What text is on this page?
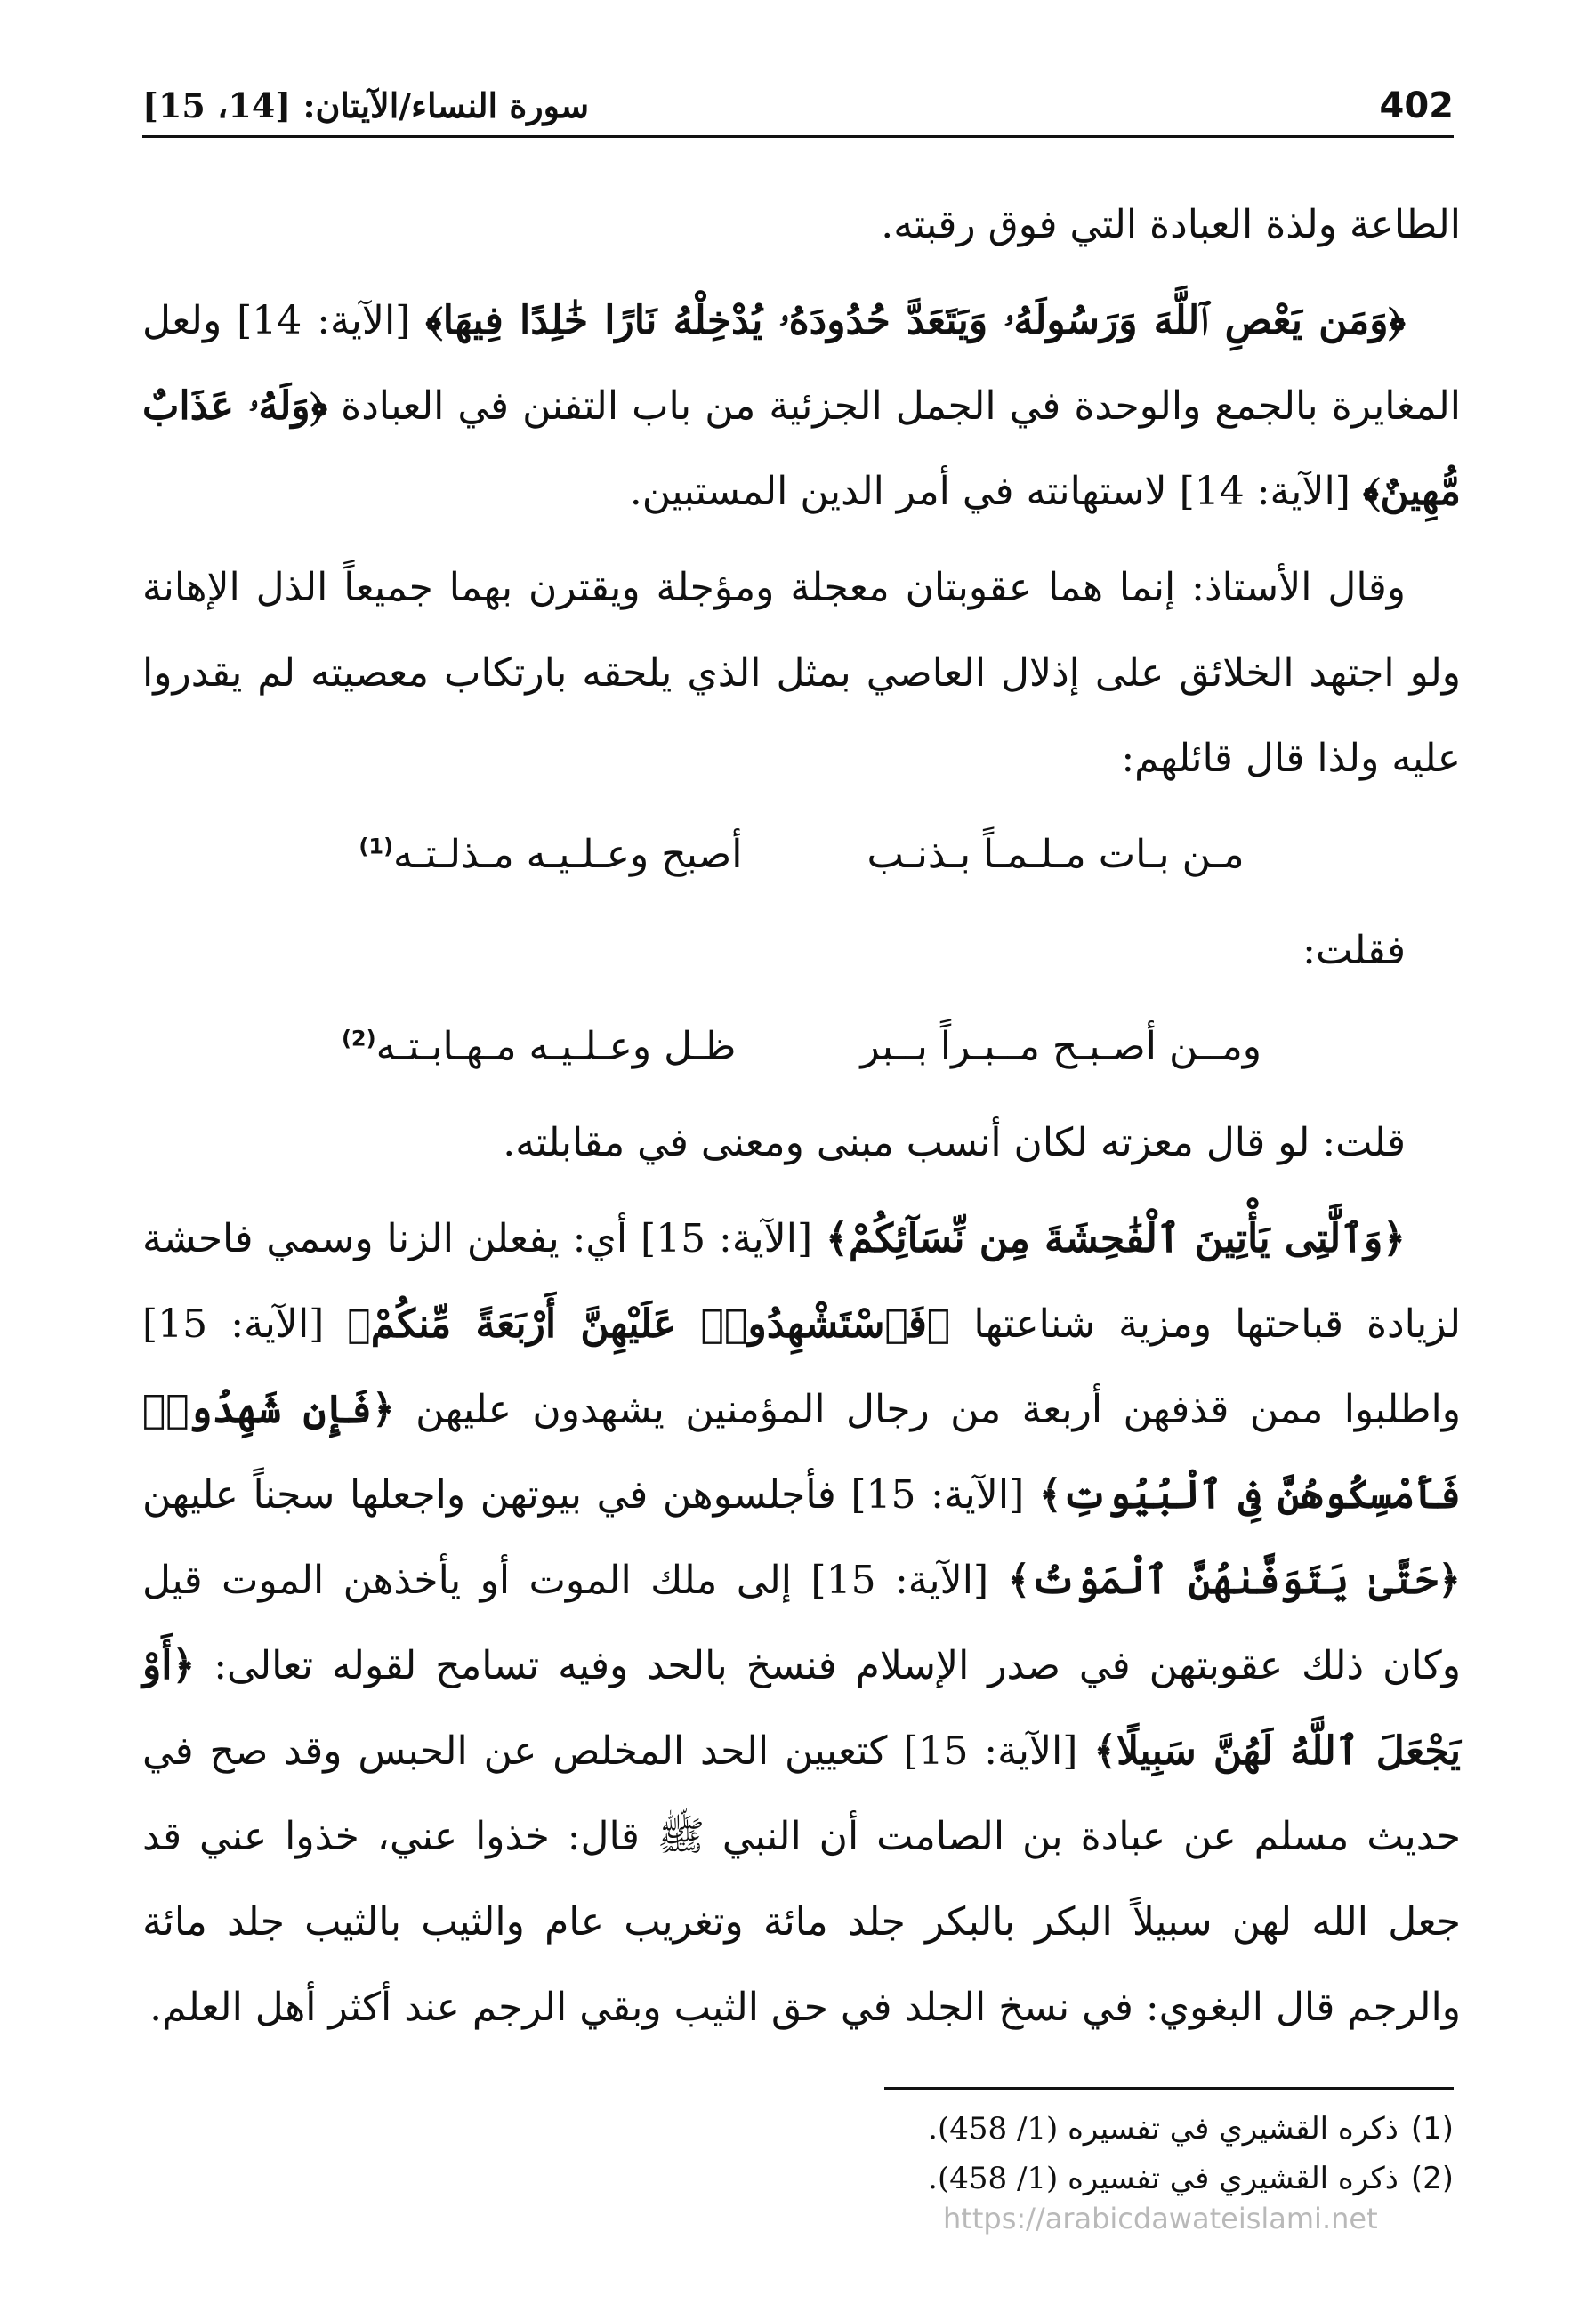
402
سورة النساء/الآيتان: [14، 15]

الطاعة ولذة العبادة التي فوق رقبته.

﴿وَمَن يَعْصِ ٱللَّهَ وَرَسُولَهُۥ وَيَتَعَدَّ حُدُودَهُۥ يُدْخِلْهُ نَارًا خَٰلِدًا فِيهَا﴾ [الآية: 14] ولعل المغايرة بالجمع والوحدة في الجمل الجزئية من باب التفنن في العبادة ﴿وَلَهُۥ عَذَابٌ مُّهِينٌ﴾ [الآية: 14] لاستهانته في أمر الدين المستبين.

وقال الأستاذ: إنما هما عقوبتان معجلة ومؤجلة ويقترن بهما جميعاً الذل الإهانة ولو اجتهد الخلائق على إذلال العاصي بمثل الذي يلحقه بارتكاب معصيته لم يقدروا عليه ولذا قال قائلهم:

مـن بـات مـلـمـاً بـذنـب
أصبح وعـلـيـه مـذلـتـه$^{(1)}$
فقلت:
ومــن أصـبـح مــبـراً بــبر
ظـل وعـلـيـه مـهـابـتـه$^{(2)}$

قلت: لو قال معزته لكان أنسب مبنى ومعنى في مقابلته.

﴿وَٱلَّٰتِى يَأْتِينَ ٱلْفَٰحِشَةَ مِن نِّسَآئِكُمْ﴾ [الآية: 15] أي: يفعلن الزنا وسمي فاحشة لزيادة قباحتها ومزية شناعتها ﴿فَٱسْتَشْهِدُوا۟ عَلَيْهِنَّ أَرْبَعَةً مِّنكُمْ﴾ [الآية: 15] واطلبوا ممن قذفهن أربعة من رجال المؤمنين يشهدون عليهن ﴿فَإِن شَهِدُوا۟ فَأَمْسِكُوهُنَّ فِى ٱلْبُيُوتِ﴾ [الآية: 15] فأجلسوهن في بيوتهن واجعلها سجناً عليهن ﴿حَتَّىٰ يَتَوَفَّىٰهُنَّ ٱلْمَوْتُ﴾ [الآية: 15] إلى ملك الموت أو يأخذهن الموت قيل وكان ذلك عقوبتهن في صدر الإسلام فنسخ بالحد وفيه تسامح لقوله تعالى: ﴿أَوْ يَجْعَلَ ٱللَّهُ لَهُنَّ سَبِيلًا﴾ [الآية: 15] كتعيين الحد المخلص عن الحبس وقد صح في حديث مسلم عن عبادة بن الصامت أن النبي ﷺ قال: خذوا عني، خذوا عني قد جعل الله لهن سبيلاً البكر بالبكر جلد مائة وتغريب عام والثيب بالثيب جلد مائة والرجم قال البغوي: في نسخ الجلد في حق الثيب وبقي الرجم عند أكثر أهل العلم.

(1)ذكره القشيري في تفسيره (1/ 458).
(2)ذكره القشيري في تفسيره (1/ 458).
https://arabicdawateislami.net
